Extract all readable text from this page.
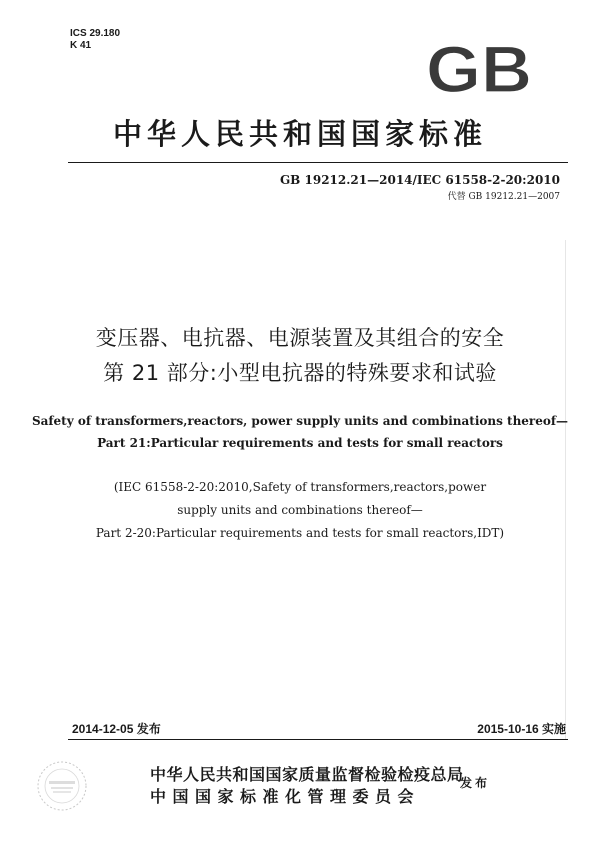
ICS 29.180
K 41	GB
中华人民共和国国家标准
GB 19212.21—2014/IEC 61558-2-20:2010
代替 GB 19212.21—2007
变压器、电抗器、电源装置及其组合的安全
第 21 部分:小型电抗器的特殊要求和试验
Safety of transformers,reactors, power supply units and combinations thereof—
Part 21:Particular requirements and tests for small reactors
(IEC 61558-2-20:2010,Safety of transformers,reactors,power
supply units and combinations thereof—
Part 2-20:Particular requirements and tests for small reactors,IDT)
2014-12-05 发布	2015-10-16 实施
中华人民共和国国家质量监督检验检疫总局
中国国家标准化管理委员会
发布
